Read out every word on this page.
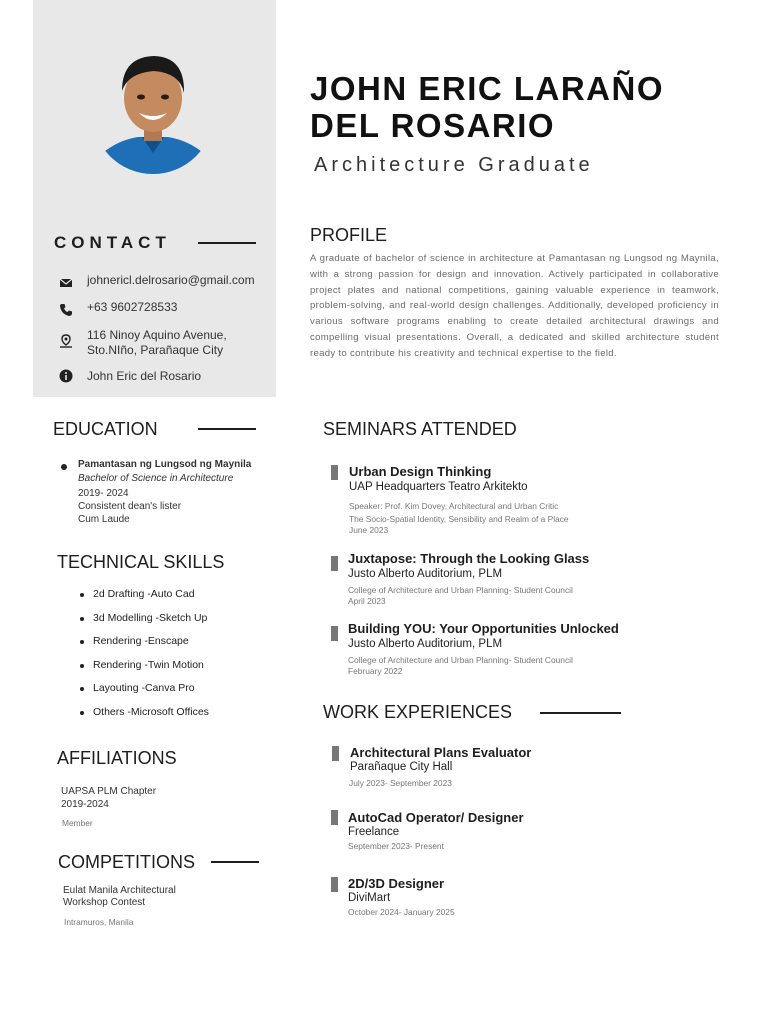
JOHN ERIC LARAÑO
DEL ROSARIO
Architecture Graduate
CONTACT
johnericl.delrosario@gmail.com
+63 9602728533
116 Ninoy Aquino Avenue,
Sto.NIño, Parañaque City
John Eric del Rosario
PROFILE
A graduate of bachelor of science in architecture at Pamantasan ng Lungsod ng Maynila, with a strong passion for design and innovation. Actively participated in collaborative project plates and national competitions, gaining valuable experience in teamwork, problem-solving, and real-world design challenges. Additionally, developed proficiency in various software programs enabling to create detailed architectural drawings and compelling visual presentations. Overall, a dedicated and skilled architecture student ready to contribute his creativity and technical expertise to the field.
EDUCATION
Pamantasan ng Lungsod ng Maynila
Bachelor of Science in Architecture
2019- 2024
Consistent dean's lister
Cum Laude
TECHNICAL SKILLS
2d Drafting -Auto Cad
3d Modelling -Sketch Up
Rendering -Enscape
Rendering -Twin Motion
Layouting -Canva Pro
Others -Microsoft Offices
AFFILIATIONS
UAPSA PLM Chapter
2019-2024
Member
COMPETITIONS
Eulat Manila Architectural
Workshop Contest
Intramuros, Manila
SEMINARS ATTENDED
Urban Design Thinking
UAP Headquarters Teatro Arkitekto
Speaker: Prof. Kim Dovey, Architectural and Urban Critic
The Socio-Spatial Identity, Sensibility and Realm of a Place
June 2023
Juxtapose: Through the Looking Glass
Justo Alberto Auditorium, PLM
College of Architecture and Urban Planning- Student Council
April 2023
Building YOU: Your Opportunities Unlocked
Justo Alberto Auditorium, PLM
College of Architecture and Urban Planning- Student Council
February 2022
WORK EXPERIENCES
Architectural Plans Evaluator
Parañaque City Hall
July 2023- September 2023
AutoCad Operator/ Designer
Freelance
September 2023- Present
2D/3D Designer
DiviMart
October 2024- January 2025
